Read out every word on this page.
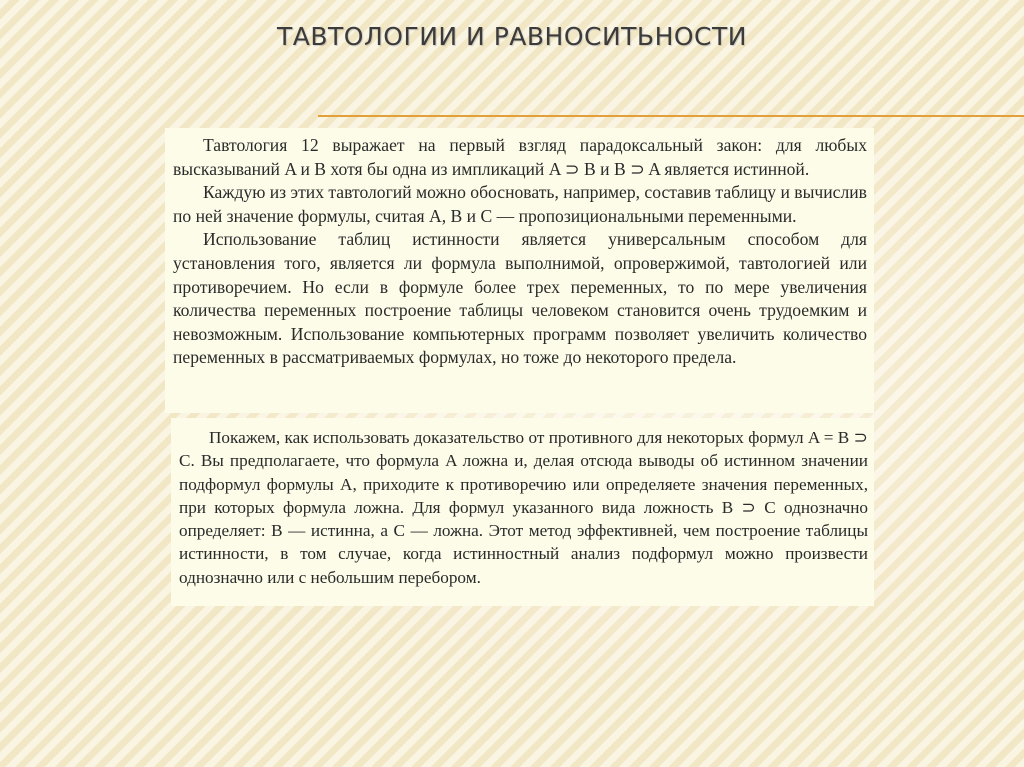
ТАВТОЛОГИИ И РАВНОСИТЬНОСТИ

Тавтология 12 выражает на первый взгляд парадоксальный закон: для любых высказываний A и B хотя бы одна из импликаций A ⊃ B и B ⊃ A является истинной.

Каждую из этих тавтологий можно обосновать, например, составив таблицу и вычислив по ней значение формулы, считая A, B и C — пропозициональными переменными.

Использование таблиц истинности является универсальным способом для установления того, является ли формула выполнимой, опровержимой, тавтологией или противоречием. Но если в формуле более трех переменных, то по мере увеличения количества переменных построение таблицы человеком становится очень трудоемким и невозможным. Использование компьютерных программ позволяет увеличить количество переменных в рассматриваемых формулах, но тоже до некоторого предела.

Покажем, как использовать доказательство от противного для некоторых формул A = B ⊃ C. Вы предполагаете, что формула A ложна и, делая отсюда выводы об истинном значении подформул формулы A, приходите к противоречию или определяете значения переменных, при которых формула ложна. Для формул указанного вида ложность B ⊃ C однозначно определяет: B — истинна, а C — ложна. Этот метод эффективней, чем построение таблицы истинности, в том случае, когда истинностный анализ подформул можно произвести однозначно или с небольшим перебором.
